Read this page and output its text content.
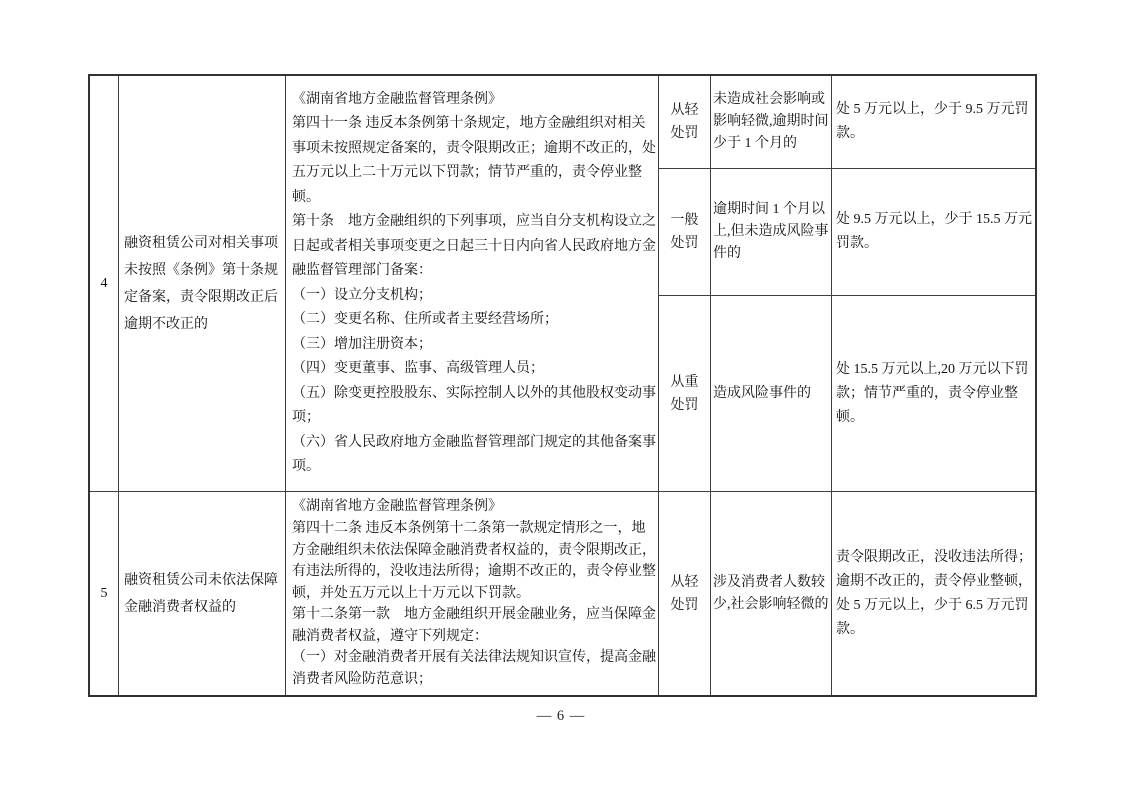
4
融资租赁公司对相关事项未按照《条例》第十条规定备案，责令限期改正后逾期不改正的

《湖南省地方金融监督管理条例》

第四十一条 违反本条例第十条规定，地方金融组织对相关事项未按照规定备案的，责令限期改正；逾期不改正的，处五万元以上二十万元以下罚款；情节严重的，责令停业整顿。

第十条　地方金融组织的下列事项，应当自分支机构设立之日起或者相关事项变更之日起三十日内向省人民政府地方金融监督管理部门备案：

（一）设立分支机构；

（二）变更名称、住所或者主要经营场所；

（三）增加注册资本；

（四）变更董事、监事、高级管理人员；

（五）除变更控股股东、实际控制人以外的其他股权变动事项；

（六）省人民政府地方金融监督管理部门规定的其他备案事项。

从轻处罚
未造成社会影响或影响轻微,逾期时间少于 1 个月的
处 5 万元以上，少于 9.5 万元罚款。
一般处罚
逾期时间 1 个月以上,但未造成风险事件的
处 9.5 万元以上，少于 15.5 万元罚款。
从重处罚
造成风险事件的
处 15.5 万元以上,20 万元以下罚款；情节严重的，责令停业整顿。
5
融资租赁公司未依法保障金融消费者权益的

《湖南省地方金融监督管理条例》

第四十二条 违反本条例第十二条第一款规定情形之一，地方金融组织未依法保障金融消费者权益的，责令限期改正，有违法所得的，没收违法所得；逾期不改正的，责令停业整顿，并处五万元以上十万元以下罚款。

第十二条第一款　地方金融组织开展金融业务，应当保障金融消费者权益，遵守下列规定：

（一）对金融消费者开展有关法律法规知识宣传，提高金融消费者风险防范意识；

从轻处罚
涉及消费者人数较少,社会影响轻微的
责令限期改正，没收违法所得；逾期不改正的，责令停业整顿，处 5 万元以上，少于 6.5 万元罚款。
— 6 —
